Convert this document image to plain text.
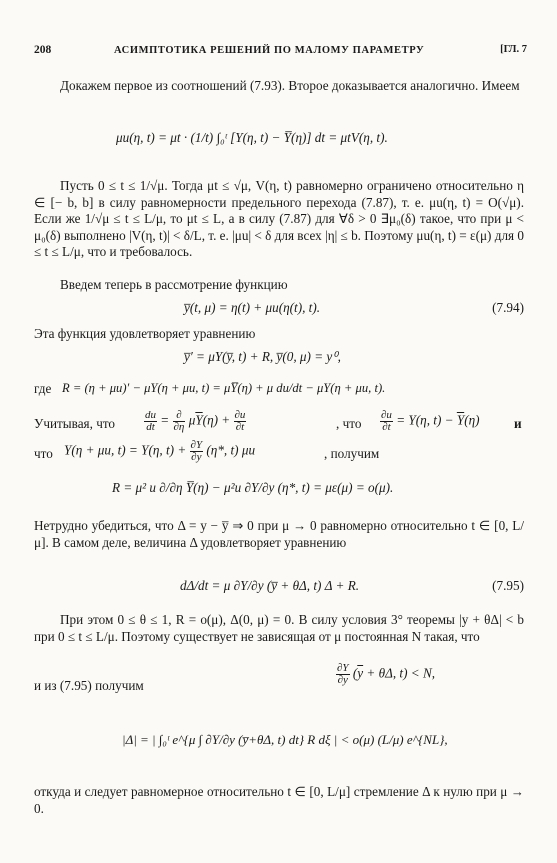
208	АСИМПТОТИКА РЕШЕНИЙ ПО МАЛОМУ ПАРАМЕТРУ	[ГЛ. 7

Докажем первое из соотношений (7.93). Второе доказывается аналогично. Имеем

μu(η, t) = μt · (1/t) ∫₀ᵗ [Y(η, t) − Y̅(η)] dt = μtV(η, t).

Пусть 0 ≤ t ≤ 1/√μ. Тогда μt ≤ √μ, V(η, t) равномерно ограничено относительно η ∈ [− b, b] в силу равномерности предельного перехода (7.87), т. е. μu(η, t) = O(√μ). Если же 1/√μ ≤ t ≤ L/μ, то μt ≤ L, а в силу (7.87) для ∀δ > 0 ∃μ₀(δ) такое, что при μ < μ₀(δ) выполнено |V(η, t)| < δ/L, т. е. |μu| < δ для всех |η| ≤ b. Поэтому μu(η, t) = ε(μ) для 0 ≤ t ≤ L/μ, что и требовалось.

Введем теперь в рассмотрение функцию

y̅(t, μ) = η(t) + μu(η(t), t).	(7.94)

Эта функция удовлетворяет уравнению

y̅′ = μY(y̅, t) + R, y̅(0, μ) = y⁰,
где R = (η + μu)′ − μY(η + μu, t) = μY̅(η) + μ du/dt − μY(η + μu, t).
Учитывая, что	$\frac{du}{dt} = \frac{\partial}{\partial\eta} \mu\overline{Y}(\eta) + \frac{\partial u}{\partial t}$	, что $\frac{\partial u}{\partial t} = Y(\eta$, $t) - \overline{Y}(\eta)$	и
что Y(η + μu, t) = Y(η, $t) + \frac{\partial Y}{\partial y} (\eta*$, t) μu	, получим
R = μ² u ∂/∂η Y̅(η) − μ²u ∂Y/∂y (η*, t) = με(μ) = o(μ).

Нетрудно убедиться, что Δ = y − y̅ ⇒ 0 при μ → 0 равномерно относительно t ∈ [0, L/μ]. В самом деле, величина Δ удовлетворяет уравнению

dΔ/dt = μ ∂Y/∂y (y̅ + θΔ, t) Δ + R.	(7.95)

При этом 0 ≤ θ ≤ 1, R = o(μ), Δ(0, μ) = 0. В силу условия 3° теоремы |y + θΔ| < b при 0 ≤ t ≤ L/μ. Поэтому существует не зависящая от μ постоянная N такая, что

$\frac{\partial Y}{\partial y} (\overline{y} + \theta\Delta$, t) < N,
и из (7.95) получим
|Δ| = | ∫₀ᵗ e^{μ ∫ ∂Y/∂y (y̅+θΔ, t) dt} R dξ | < o(μ) (L/μ) e^{NL},

откуда и следует равномерное относительно t ∈ [0, L/μ] стремление Δ к нулю при μ → 0.
